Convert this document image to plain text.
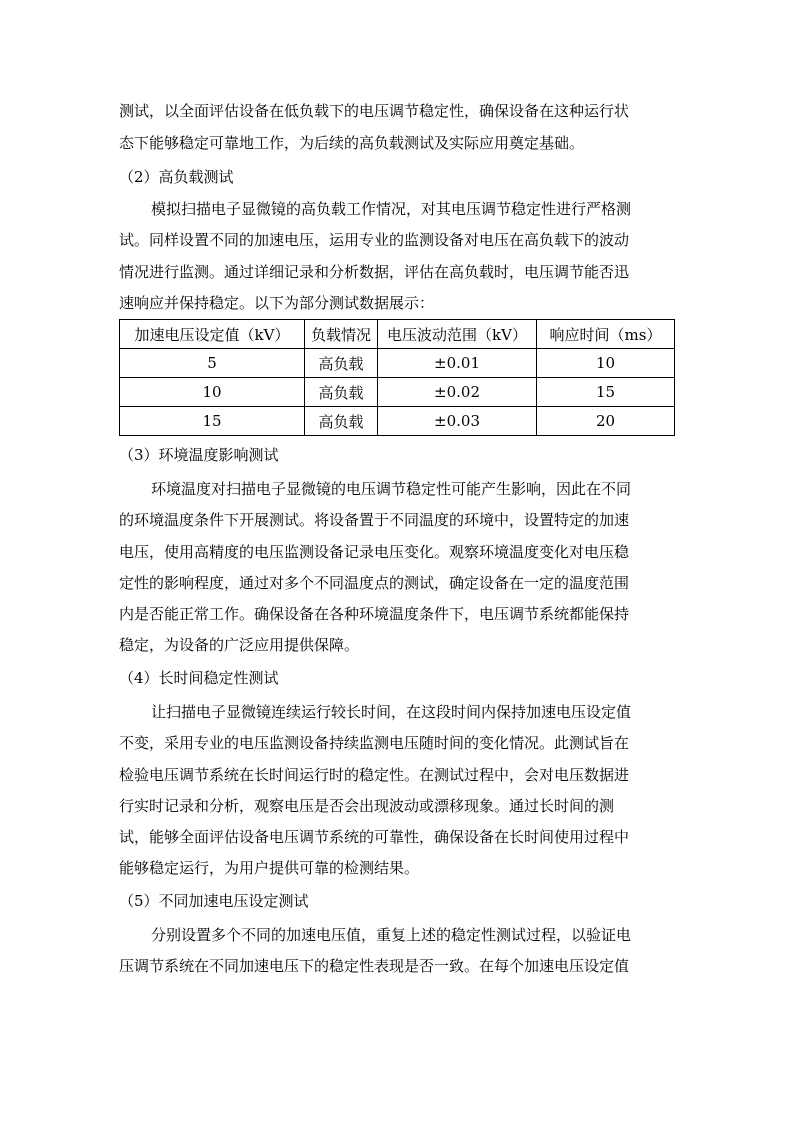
测试，以全面评估设备在低负载下的电压调节稳定性，确保设备在这种运行状
态下能够稳定可靠地工作，为后续的高负载测试及实际应用奠定基础。
（2）高负载测试
模拟扫描电子显微镜的高负载工作情况，对其电压调节稳定性进行严格测
试。同样设置不同的加速电压，运用专业的监测设备对电压在高负载下的波动
情况进行监测。通过详细记录和分析数据，评估在高负载时，电压调节能否迅
速响应并保持稳定。以下为部分测试数据展示：
加速电压设定值（kV）	负载情况	电压波动范围（kV）	响应时间（ms）
5	高负载	±0.01	10
10	高负载	±0.02	15
15	高负载	±0.03	20
（3）环境温度影响测试
环境温度对扫描电子显微镜的电压调节稳定性可能产生影响，因此在不同
的环境温度条件下开展测试。将设备置于不同温度的环境中，设置特定的加速
电压，使用高精度的电压监测设备记录电压变化。观察环境温度变化对电压稳
定性的影响程度，通过对多个不同温度点的测试，确定设备在一定的温度范围
内是否能正常工作。确保设备在各种环境温度条件下，电压调节系统都能保持
稳定，为设备的广泛应用提供保障。
（4）长时间稳定性测试
让扫描电子显微镜连续运行较长时间，在这段时间内保持加速电压设定值
不变，采用专业的电压监测设备持续监测电压随时间的变化情况。此测试旨在
检验电压调节系统在长时间运行时的稳定性。在测试过程中，会对电压数据进
行实时记录和分析，观察电压是否会出现波动或漂移现象。通过长时间的测
试，能够全面评估设备电压调节系统的可靠性，确保设备在长时间使用过程中
能够稳定运行，为用户提供可靠的检测结果。
（5）不同加速电压设定测试
分别设置多个不同的加速电压值，重复上述的稳定性测试过程，以验证电
压调节系统在不同加速电压下的稳定性表现是否一致。在每个加速电压设定值
